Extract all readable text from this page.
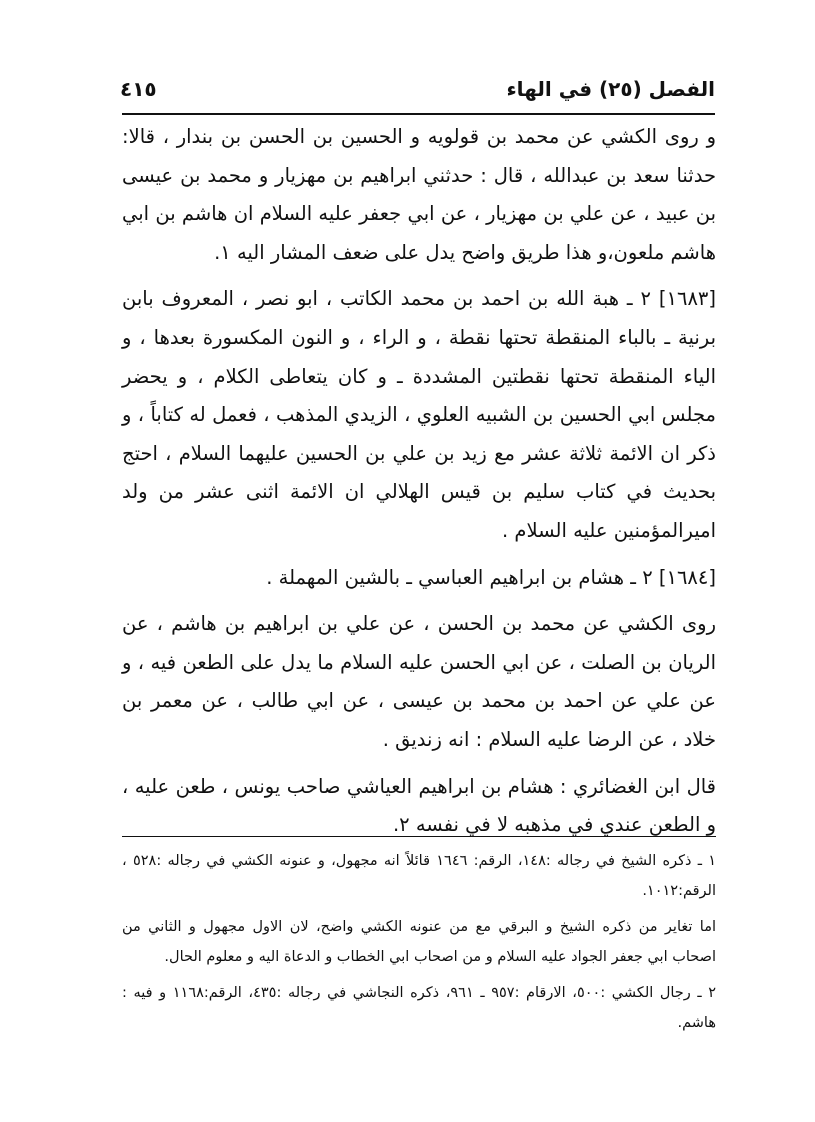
الفصل (٢٥) في الهاء
٤١٥

و روى الكشي عن محمد بن قولويه و الحسين بن الحسن بن بندار ، قالا: حدثنا سعد بن عبدالله ، قال : حدثني ابراهيم بن مهزيار و محمد بن عيسى بن عبيد ، عن علي بن مهزيار ، عن ابي جعفر عليه السلام ان هاشم بن ابي هاشم ملعون،و هذا طريق واضح يدل على ضعف المشار اليه ١.

[١٦٨٣] ٢ ـ هبة الله بن احمد بن محمد الكاتب ، ابو نصر ، المعروف بابن برنية ـ بالباء المنقطة تحتها نقطة ، و الراء ، و النون المكسورة بعدها ، و الياء المنقطة تحتها نقطتين المشددة ـ و كان يتعاطى الكلام ، و يحضر مجلس ابي الحسين بن الشبيه العلوي ، الزيدي المذهب ، فعمل له كتاباً ، و ذكر ان الائمة ثلاثة عشر مع زيد بن علي بن الحسين عليهما السلام ، احتج بحديث في كتاب سليم بن قيس الهلالي ان الائمة اثنى عشر من ولد اميرالمؤمنين عليه السلام .

[١٦٨٤] ٢ ـ هشام بن ابراهيم العباسي ـ بالشين المهملة .

روى الكشي عن محمد بن الحسن ، عن علي بن ابراهيم بن هاشم ، عن الريان بن الصلت ، عن ابي الحسن عليه السلام ما يدل على الطعن فيه ، و عن علي عن احمد بن محمد بن عيسى ، عن ابي طالب ، عن معمر بن خلاد ، عن الرضا عليه السلام : انه زنديق .

قال ابن الغضائري : هشام بن ابراهيم العياشي صاحب يونس ، طعن عليه ، و الطعن عندي في مذهبه لا في نفسه ٢.

١ ـ ذكره الشيخ في رجاله :١٤٨، الرقم: ١٦٤٦ قائلاً انه مجهول، و عنونه الكشي في رجاله :٥٢٨ ، الرقم:١٠١٢.

اما تغاير من ذكره الشيخ و البرقي مع من عنونه الكشي واضح، لان الاول مجهول و الثاني من اصحاب ابي جعفر الجواد عليه السلام و من اصحاب ابي الخطاب و الدعاة اليه و معلوم الحال.

٢ ـ رجال الكشي :٥٠٠، الارقام :٩٥٧ ـ ٩٦١، ذكره النجاشي في رجاله :٤٣٥، الرقم:١١٦٨ و فيه : هاشم.
